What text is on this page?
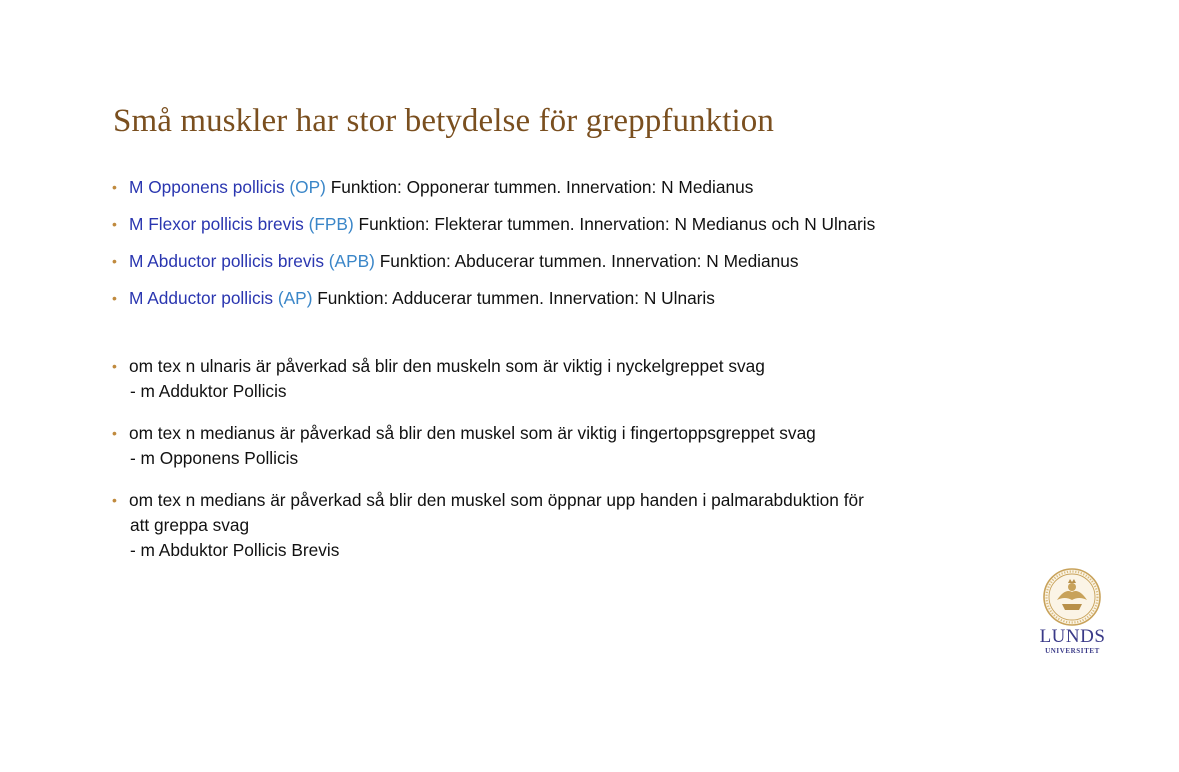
Små muskler har stor betydelse för greppfunktion
• M Opponens pollicis (OP) Funktion: Opponerar tummen. Innervation: N Medianus
• M Flexor pollicis brevis (FPB) Funktion: Flekterar tummen. Innervation: N Medianus och N Ulnaris
• M Abductor pollicis brevis (APB) Funktion: Abducerar tummen. Innervation: N Medianus
• M Adductor pollicis (AP) Funktion: Adducerar tummen. Innervation: N Ulnaris
• om tex n ulnaris är påverkad så blir den muskeln som är viktig i nyckelgreppet svag
- m Adduktor Pollicis
• om tex n medianus är påverkad så blir den muskel som är viktig i fingertoppsgreppet svag
- m Opponens Pollicis
• om tex n medians är påverkad så blir den muskel som öppnar upp handen i palmarabduktion för
att greppa svag
- m Abduktor Pollicis Brevis
LUNDS
UNIVERSITET
